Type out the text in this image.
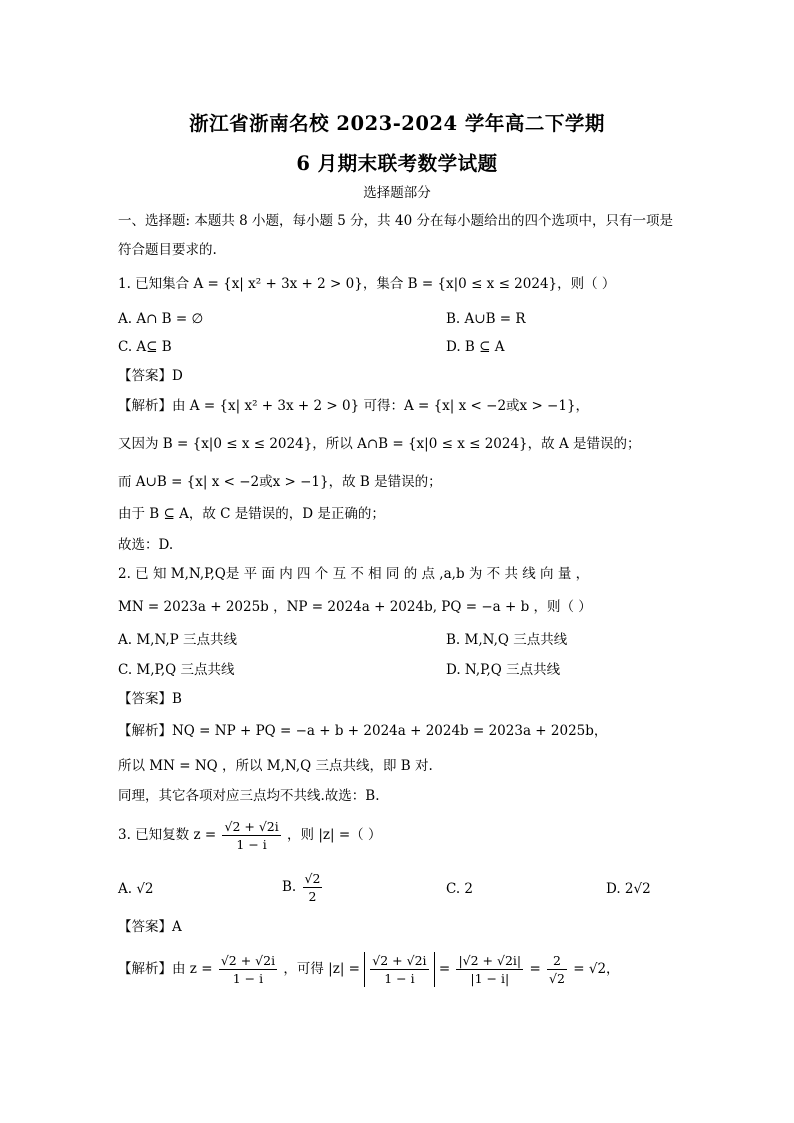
浙江省浙南名校 2023-2024 学年高二下学期
6 月期末联考数学试题
选择题部分
一、选择题: 本题共 8 小题，每小题 5 分，共 40 分在每小题给出的四个选项中，只有一项是
符合题目要求的.
1. 已知集合 A = {x| x² + 3x + 2 > 0}，集合 B = {x|0 ≤ x ≤ 2024}，则（ ）
A. A∩ B = ∅	B. A∪B = R
C. A⊆ B	D. B ⊆ A
【答案】D
【解析】由 A = {x| x² + 3x + 2 > 0} 可得：A = {x| x < −2或x > −1}，
又因为 B = {x|0 ≤ x ≤ 2024}，所以 A∩B = {x|0 ≤ x ≤ 2024}，故 A 是错误的；
而 A∪B = {x| x < −2或x > −1}，故 B 是错误的；
由于 B ⊆ A，故 C 是错误的，D 是正确的；
故选：D.
2. 已 知 M,N,P,Q是 平 面 内 四 个 互 不 相 同 的 点 ,a,b 为 不 共 线 向 量 ，
MN = 2023a + 2025b ，NP = 2024a + 2024b, PQ = −a + b ，则（ ）
A. M,N,P 三点共线	B. M,N,Q 三点共线
C. M,P,Q 三点共线	D. N,P,Q 三点共线
【答案】B
【解析】NQ = NP + PQ = −a + b + 2024a + 2024b = 2023a + 2025b，
所以 MN = NQ ，所以 M,N,Q 三点共线，即 B 对.
同理，其它各项对应三点均不共线.故选：B.
3. 已知复数 $z = \frac{√2 + √2i}{1 - i}$ ，则 |z| =（ ）
A. √2	B. $\frac{√2}{2}$	C. 2	D. 2√2
【答案】A
【解析】由 $z = \frac{√2 + √2i}{1 - i}$ ，可得 $|z| = \frac{√2 + √2i}{1 - i} = \frac{|√2 + √2i|}{|1 - i|} = \frac{2}{√2} = √2$，
